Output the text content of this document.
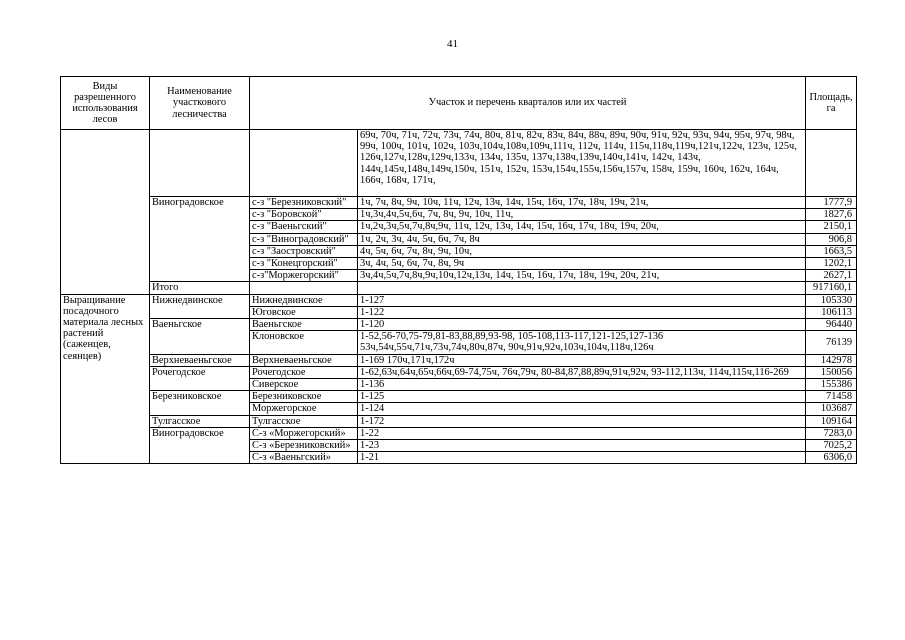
41
Виды разрешенного использования лесов	Наименование участкового лесничества	Участок и перечень кварталов или их частей		Площадь, га
			69ч, 70ч, 71ч, 72ч, 73ч, 74ч, 80ч, 81ч, 82ч, 83ч, 84ч, 88ч, 89ч, 90ч, 91ч, 92ч, 93ч, 94ч, 95ч, 97ч, 98ч, 99ч, 100ч, 101ч, 102ч, 103ч,104ч,108ч,109ч,111ч, 112ч, 114ч, 115ч,118ч,119ч,121ч,122ч, 123ч, 125ч, 126ч,127ч,128ч,129ч,133ч, 134ч, 135ч, 137ч,138ч,139ч,140ч,141ч, 142ч, 143ч, 144ч,145ч,148ч,149ч,150ч, 151ч, 152ч, 153ч,154ч,155ч,156ч,157ч, 158ч, 159ч, 160ч, 162ч, 164ч, 166ч, 168ч, 171ч,	
	Виноградовское	с-з "Березниковский"	1ч, 7ч, 8ч, 9ч, 10ч, 11ч, 12ч, 13ч, 14ч, 15ч, 16ч, 17ч, 18ч, 19ч, 21ч,	1777,9
		с-з "Боровской"	1ч,3ч,4ч,5ч,6ч, 7ч, 8ч, 9ч, 10ч, 11ч,	1827,6
		с-з "Ваеньгский"	1ч,2ч,3ч,5ч,7ч,8ч,9ч, 11ч, 12ч, 13ч, 14ч, 15ч, 16ч, 17ч, 18ч, 19ч, 20ч,	2150,1
		с-з "Виноградовский"	1ч, 2ч, 3ч, 4ч, 5ч, 6ч, 7ч, 8ч	906,8
		с-з "Заостровский"	4ч, 5ч, 6ч, 7ч, 8ч, 9ч, 10ч,	1663,5
		с-з "Конецгорский"	3ч, 4ч, 5ч, 6ч, 7ч, 8ч, 9ч	1202,1
		с-з"Моржегорский"	3ч,4ч,5ч,7ч,8ч,9ч,10ч,12ч,13ч, 14ч, 15ч, 16ч, 17ч, 18ч, 19ч, 20ч, 21ч,	2627,1
	Итого			917160,1
Выращивание посадочного материала лесных растений (саженцев, сеянцев)	Нижнедвинское	Нижнедвинское	1-127	105330
		Юговское	1-122	106113
	Ваеньгское	Ваеньгское	1-120	96440
		Клоновское	1-52,56-70,75-79,81-83,88,89,93-98, 105-108,113-117,121-125,127-136 53ч,54ч,55ч,71ч,73ч,74ч,80ч,87ч, 90ч,91ч,92ч,103ч,104ч,118ч,126ч	76139
	Верхневаеньгское	Верхневаеньгское	1-169 170ч,171ч,172ч	142978
	Рочегодское	Рочегодское	1-62,63ч,64ч,65ч,66ч,69-74,75ч, 76ч,79ч, 80-84,87,88,89ч,91ч,92ч, 93-112,113ч, 114ч,115ч,116-269	150056
		Сиверское	1-136	155386
	Березниковское	Березниковское	1-125	71458
		Моржегорское	1-124	103687
	Тулгасское	Тулгасское	1-172	109164
	Виноградовское	С-з «Моржегорский»	1-22	7283,0
		С-з «Березниковский»	1-23	7025,2
		С-з «Ваеньгский»	1-21	6306,0
